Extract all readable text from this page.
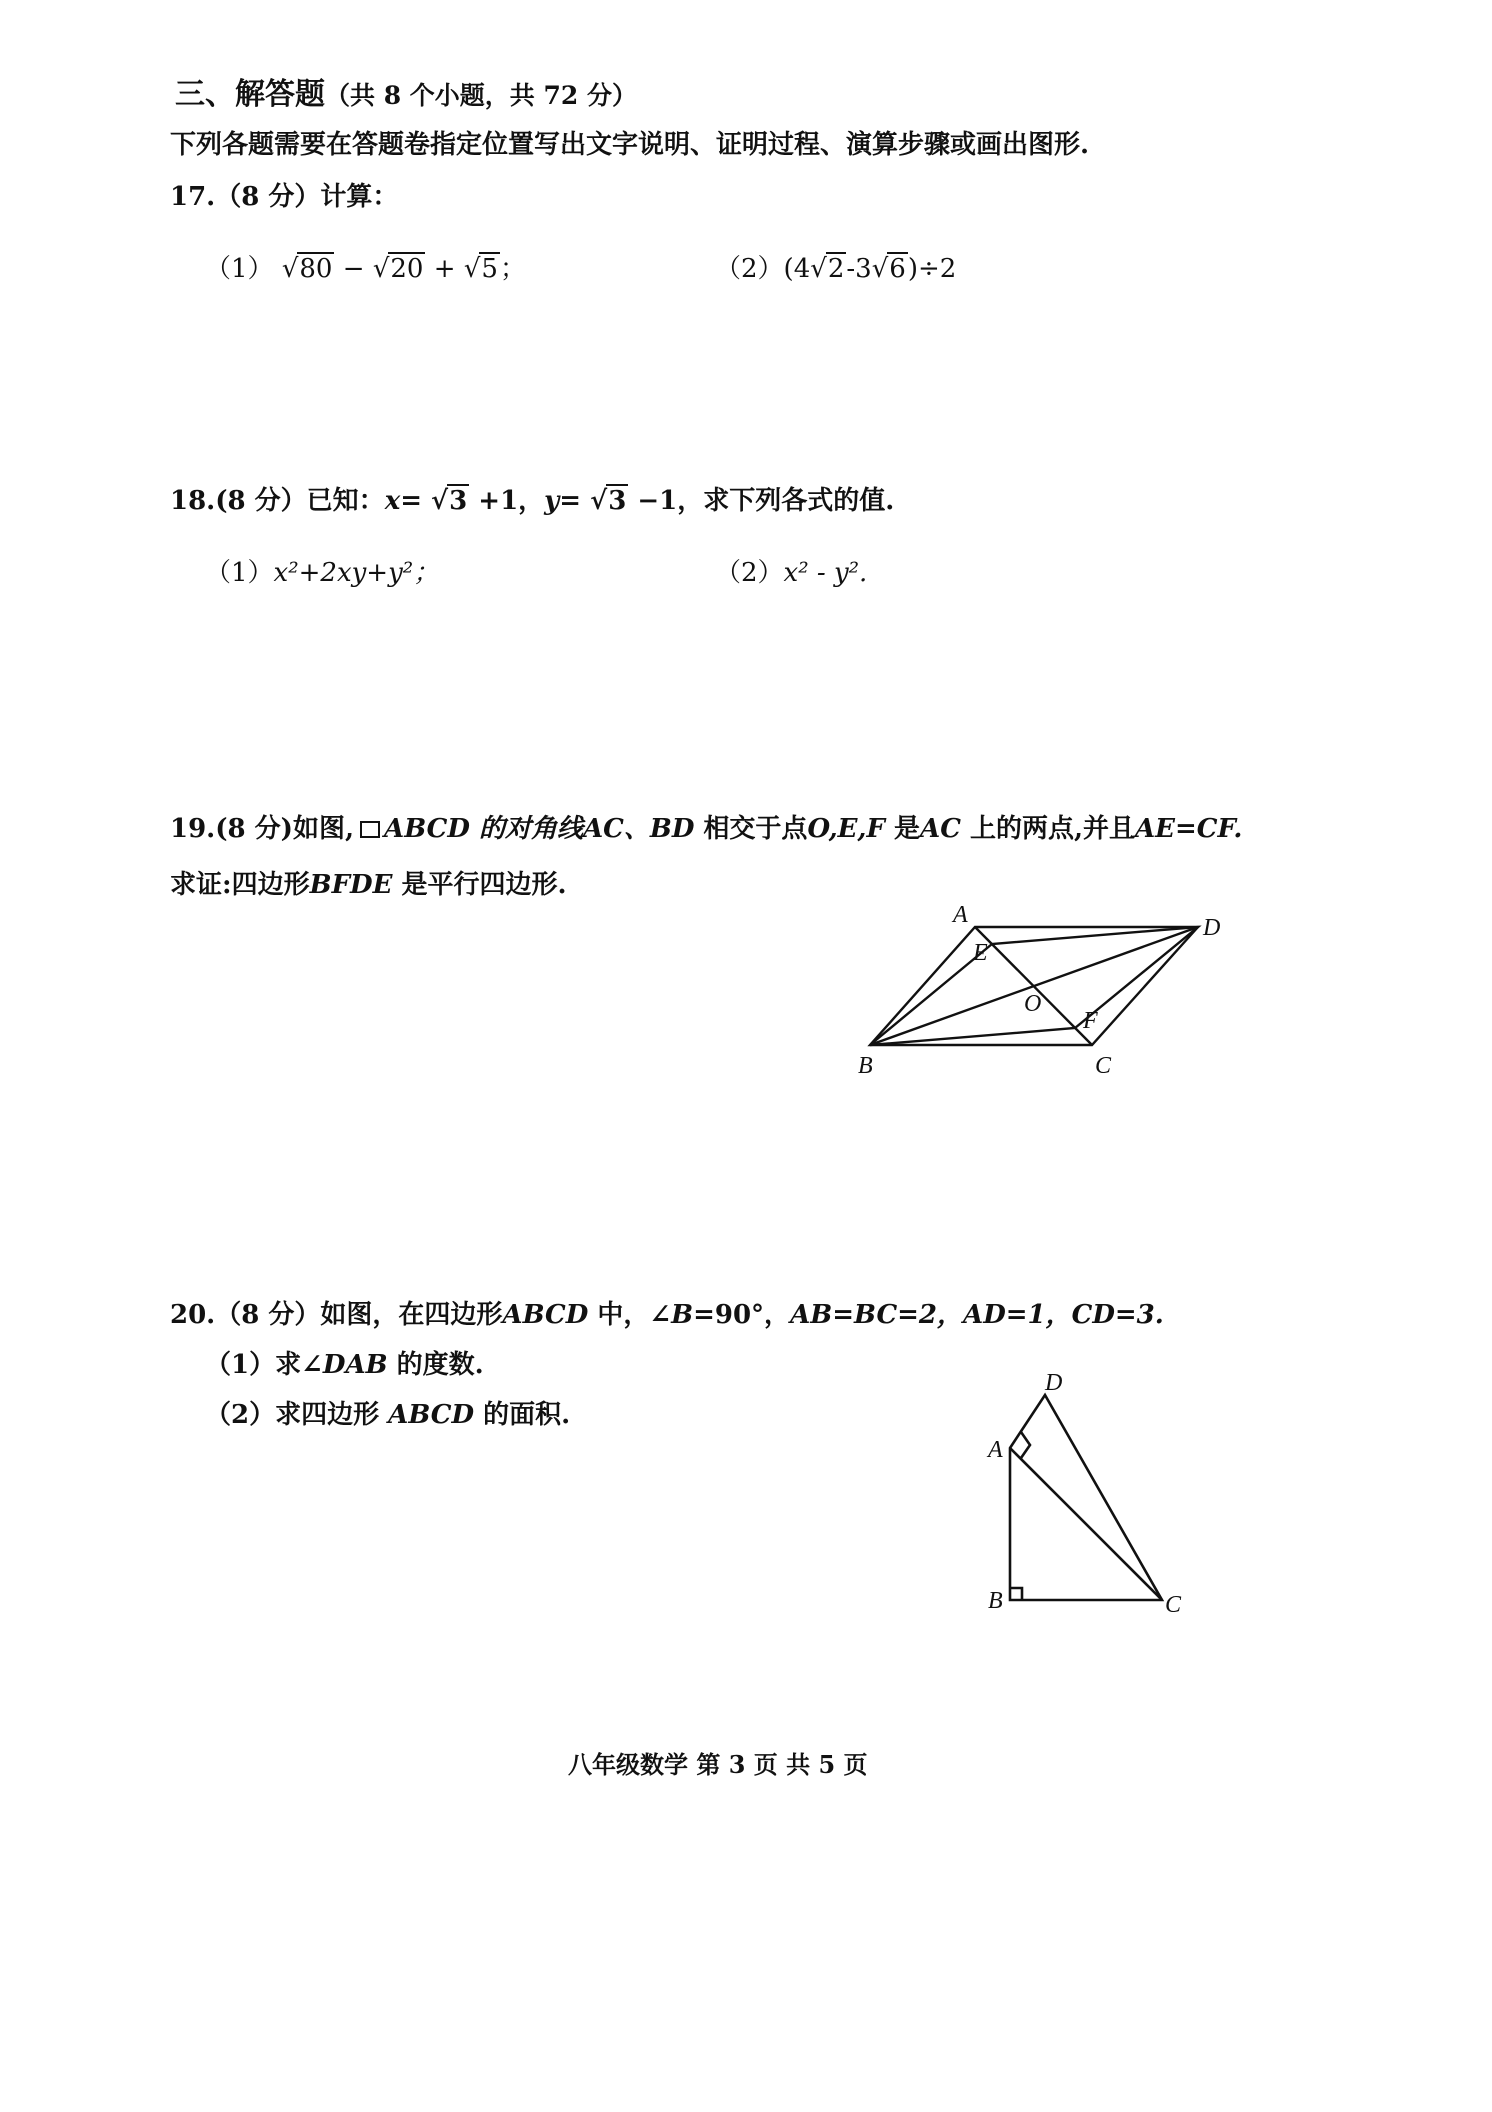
三、解答题（共 8 个小题，共 72 分）
下列各题需要在答题卷指定位置写出文字说明、证明过程、演算步骤或画出图形.
17.（8 分）计算：
（1） √80 − √20 + √5；	（2）(4√2-3√6)÷2
18.(8 分）已知：x= √3 +1，y= √3 −1，求下列各式的值.
（1）x²+2xy+y²；	（2）x² - y².
19.(8 分)如图, ABCD 的对角线AC、BD 相交于点O,E,F 是AC 上的两点,并且AE=CF.
求证:四边形BFDE 是平行四边形.
A	D
E
O
F
B	C
20.（8 分）如图，在四边形ABCD 中，∠B=90°，AB=BC=2，AD=1，CD=3.
（1）求∠DAB 的度数.
（2）求四边形 ABCD 的面积.
D
A
B	C
八年级数学 第 3 页 共 5 页
